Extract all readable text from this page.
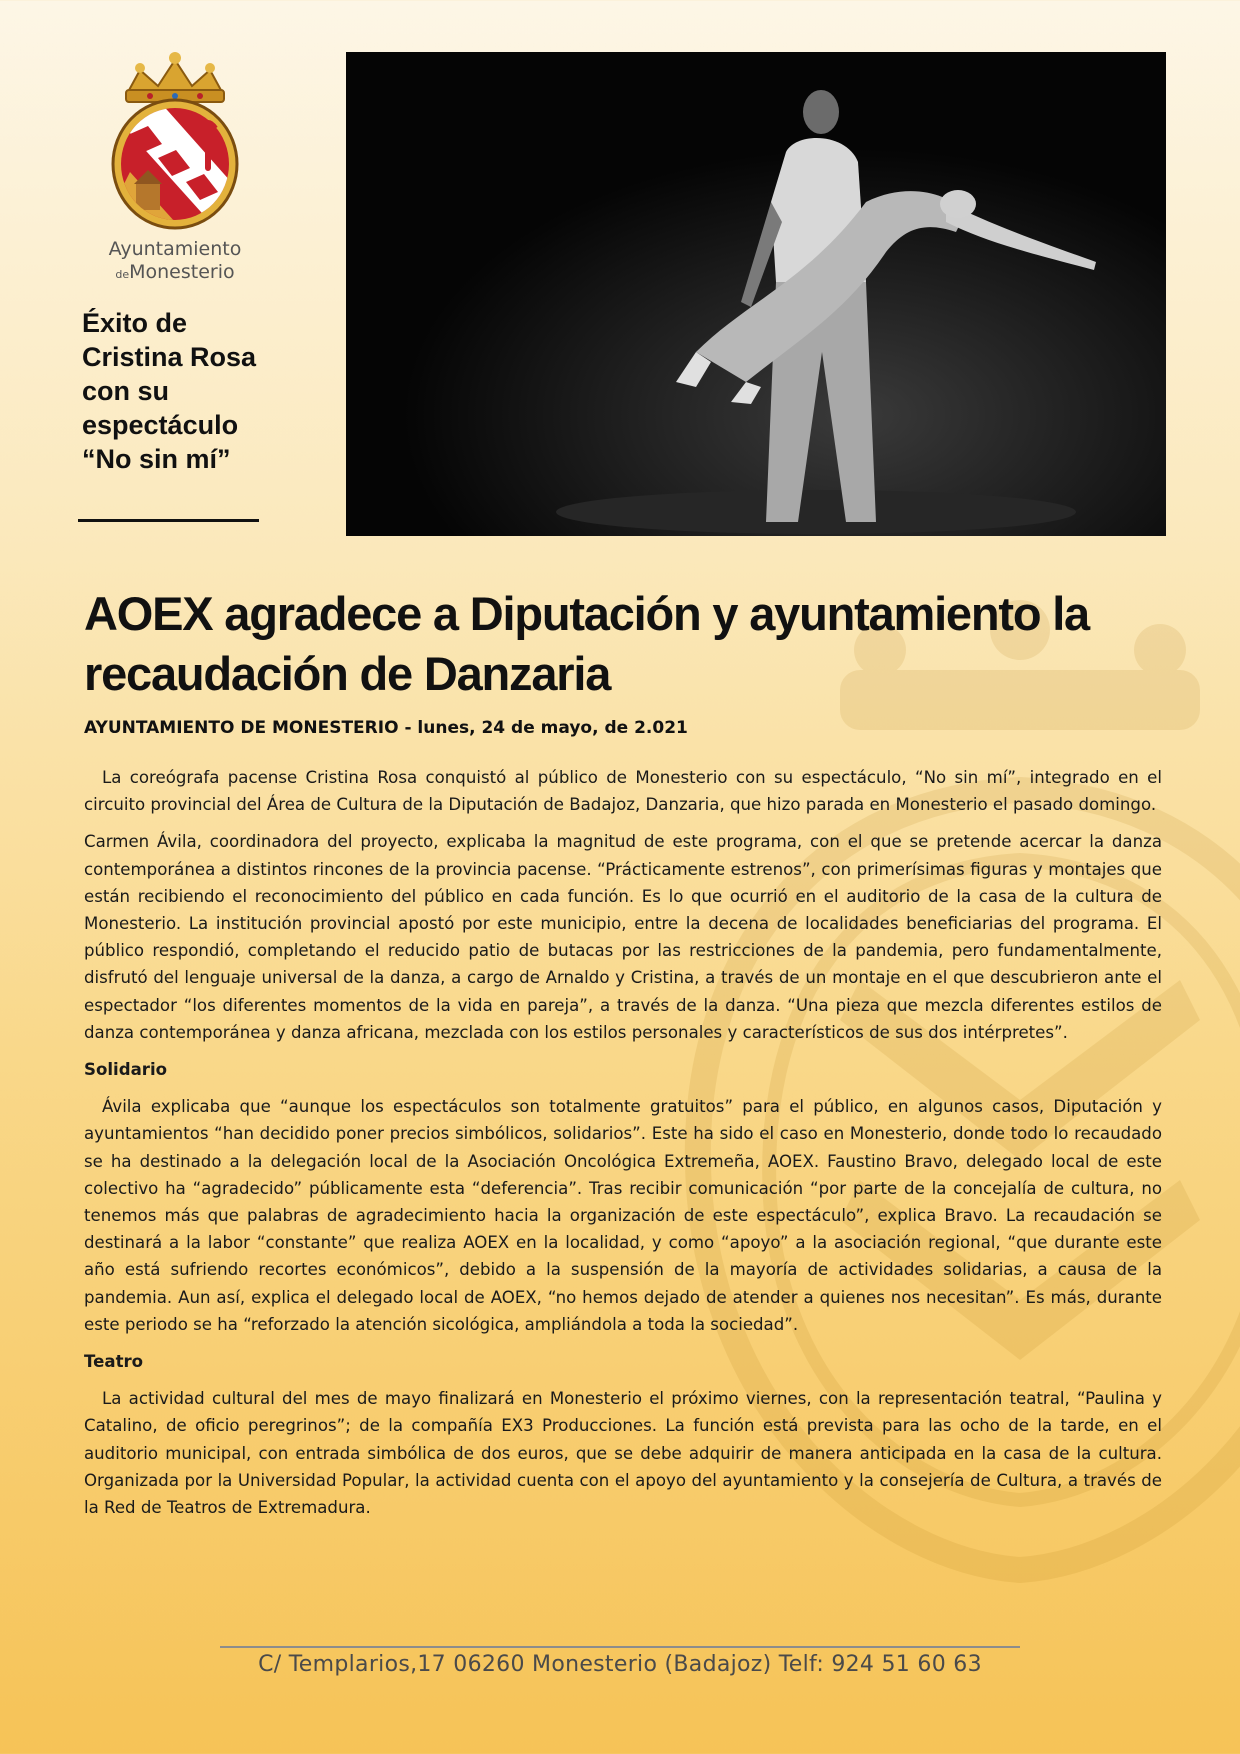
Ayuntamiento
deMonesterio
Éxito de
Cristina Rosa
con su
espectáculo
“No sin mí”
AOEX agradece a Diputación y ayuntamiento la
recaudación de Danzaria
AYUNTAMIENTO DE MONESTERIO - lunes, 24 de mayo, de 2.021

La coreógrafa pacense Cristina Rosa conquistó al público de Monesterio con su espectáculo, “No sin mí”, integrado en el circuito provincial del Área de Cultura de la Diputación de Badajoz, Danzaria, que hizo parada en Monesterio el pasado domingo.

Carmen Ávila, coordinadora del proyecto, explicaba la magnitud de este programa, con el que se pretende acercar la danza contemporánea a distintos rincones de la provincia pacense. “Prácticamente estrenos”, con primerísimas figuras y montajes que están recibiendo el reconocimiento del público en cada función. Es lo que ocurrió en el auditorio de la casa de la cultura de Monesterio. La institución provincial apostó por este municipio, entre la decena de localidades beneficiarias del programa. El público respondió, completando el reducido patio de butacas por las restricciones de la pandemia, pero fundamentalmente, disfrutó del lenguaje universal de la danza, a cargo de Arnaldo y Cristina, a través de un montaje en el que descubrieron ante el espectador “los diferentes momentos de la vida en pareja”, a través de la danza. “Una pieza que mezcla diferentes estilos de danza contemporánea y danza africana, mezclada con los estilos personales y característicos de sus dos intérpretes”.

Solidario

Ávila explicaba que “aunque los espectáculos son totalmente gratuitos” para el público, en algunos casos, Diputación y ayuntamientos “han decidido poner precios simbólicos, solidarios”. Este ha sido el caso en Monesterio, donde todo lo recaudado se ha destinado a la delegación local de la Asociación Oncológica Extremeña, AOEX. Faustino Bravo, delegado local de este colectivo ha “agradecido” públicamente esta “deferencia”. Tras recibir comunicación “por parte de la concejalía de cultura, no tenemos más que palabras de agradecimiento hacia la organización de este espectáculo”, explica Bravo. La recaudación se destinará a la labor “constante” que realiza AOEX en la localidad, y como “apoyo” a la asociación regional, “que durante este año está sufriendo recortes económicos”, debido a la suspensión de la mayoría de actividades solidarias, a causa de la pandemia. Aun así, explica el delegado local de AOEX, “no hemos dejado de atender a quienes nos necesitan”. Es más, durante este periodo se ha “reforzado la atención sicológica, ampliándola a toda la sociedad”.

Teatro

La actividad cultural del mes de mayo finalizará en Monesterio el próximo viernes, con la representación teatral, “Paulina y Catalino, de oficio peregrinos”; de la compañía EX3 Producciones. La función está prevista para las ocho de la tarde, en el auditorio municipal, con entrada simbólica de dos euros, que se debe adquirir de manera anticipada en la casa de la cultura. Organizada por la Universidad Popular, la actividad cuenta con el apoyo del ayuntamiento y la consejería de Cultura, a través de la Red de Teatros de Extremadura.

C/ Templarios,17 06260 Monesterio (Badajoz) Telf: 924 51 60 63
